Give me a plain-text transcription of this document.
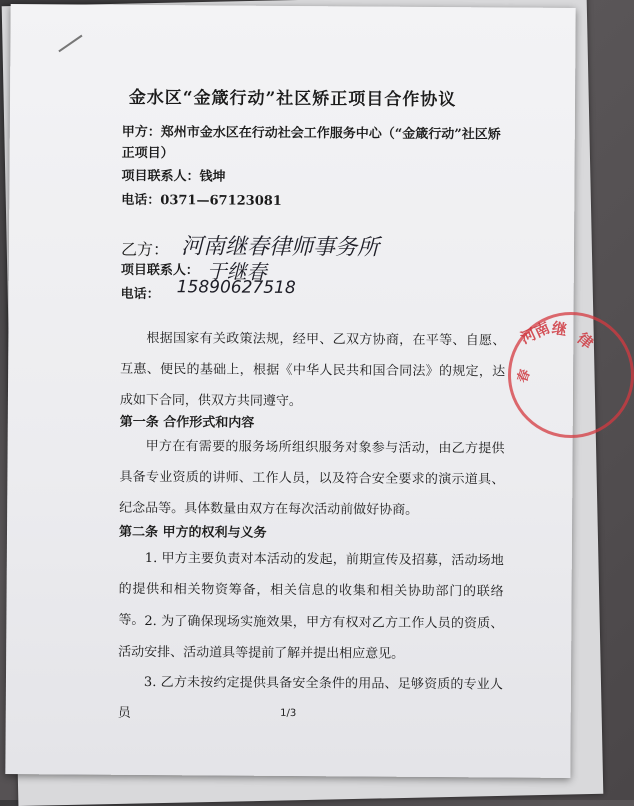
金水区“金箴行动”社区矫正项目合作协议
甲方：郑州市金水区在行动社会工作服务中心（“金箴行动”社区矫
正项目）
项目联系人：钱坤
电话：0371—67123081
乙方： 河南继春律师事务所
项目联系人： 于继春
电话： 15890627518
根据国家有关政策法规，经甲、乙双方协商，在平等、自愿、互惠、便民的基础上，根据《中华人民共和国合同法》的规定，达成如下合同，供双方共同遵守。
第一条 合作形式和内容
甲方在有需要的服务场所组织服务对象参与活动，由乙方提供具备专业资质的讲师、工作人员，以及符合安全要求的演示道具、纪念品等。具体数量由双方在每次活动前做好协商。
第二条 甲方的权利与义务
1. 甲方主要负责对本活动的发起，前期宣传及招募，活动场地的提供和相关物资筹备，相关信息的收集和相关协助部门的联络等。 2. 为了确保现场实施效果，甲方有权对乙方工作人员的资质、活动安排、活动道具等提前了解并提出相应意见。
3. 乙方未按约定提供具备安全条件的用品、足够资质的专业人员	1/3
河南
继
律
春
